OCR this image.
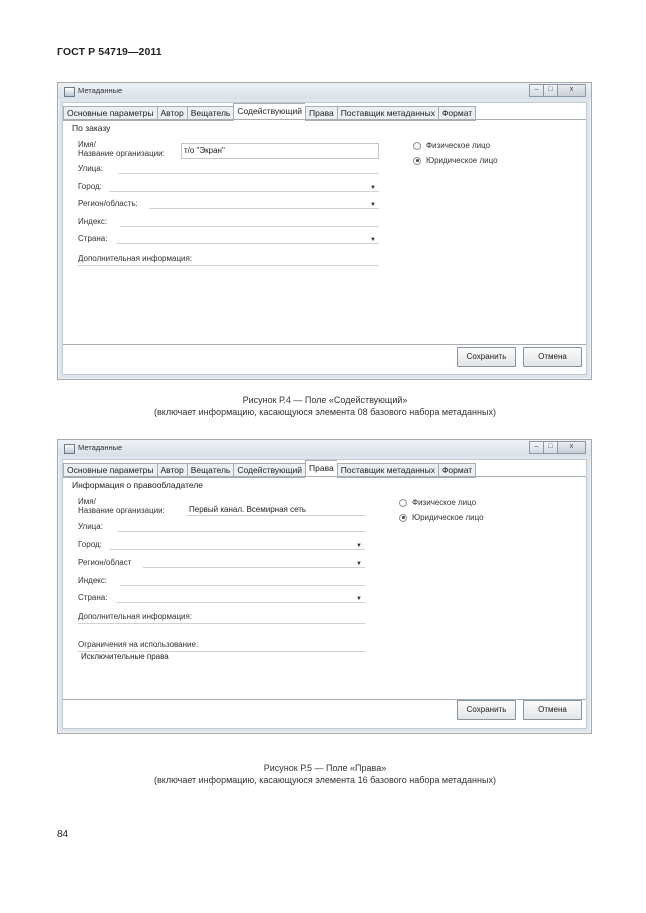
ГОСТ Р 54719—2011
Метаданные	–	□	x
Основные параметры Автор Вещатель Содействующий Права Поставщик метаданных Формат
По заказу
Имя/
Название организации:	т/о "Экран"
Улица:
Город:	▼
Регион/область:	▼
Индекс:
Страна:	▼
Дополнительная информация:
Физическое лицо
Юридическое лицо
Сохранить	Отмена
Рисунок Р.4 — Поле «Содействующий»
(включает информацию, касающуюся элемента 08 базового набора метаданных)
Метаданные	–	□	x
Основные параметры Автор Вещатель Содействующий Права Поставщик метаданных Формат
Информация о правообладателе
Имя/
Название организации:	Первый канал. Всемирная сеть
Улица:
Город:	▼
Регион/област	▼
Индекс:
Страна:	▼
Дополнительная информация:
Ограничения на использование:
Исключительные права
Физическое лицо
Юридическое лицо
Сохранить	Отмена
Рисунок Р.5 — Поле «Права»
(включает информацию, касающуюся элемента 16 базового набора метаданных)
84
